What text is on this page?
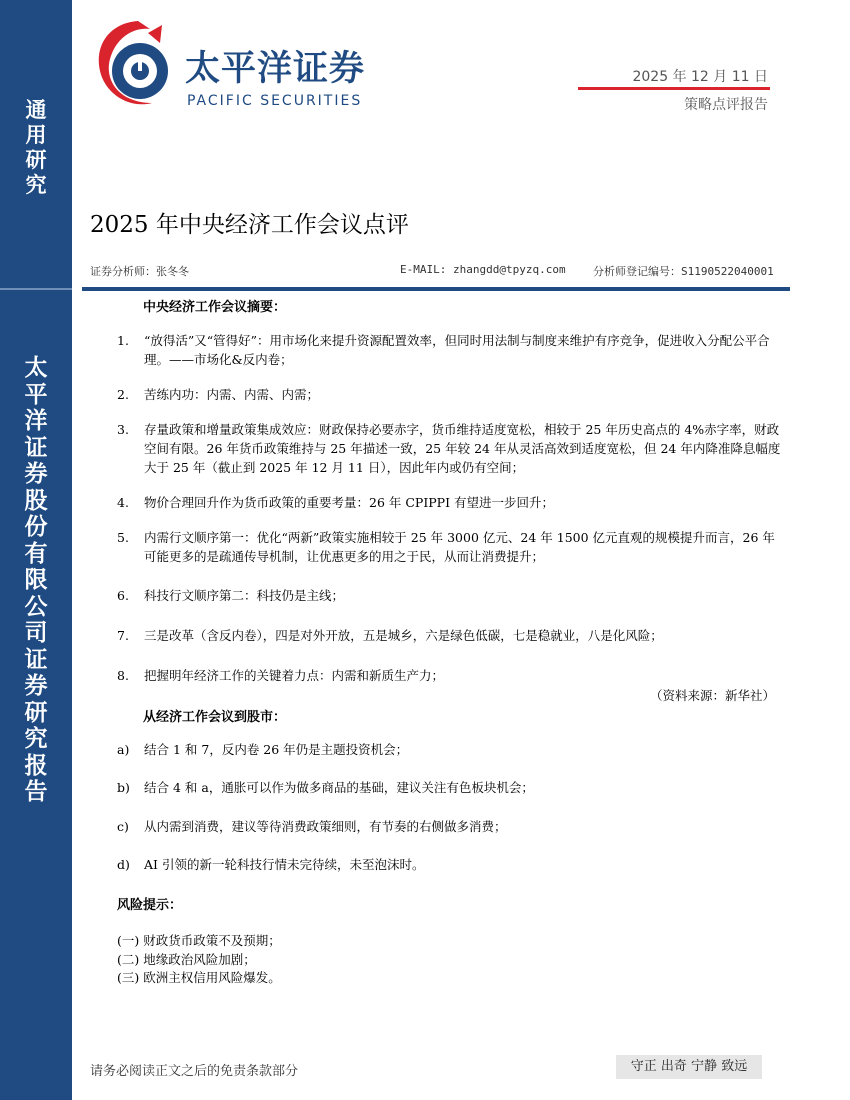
通
用
研
究
太
平
洋
证
券
股
份
有
限
公
司
证
券
研
究
报
告
太平洋证券
PACIFIC SECURITIES
2025 年 12 月 11 日
策略点评报告
2025 年中央经济工作会议点评
证券分析师：张冬冬	E-MAIL: zhangdd@tpyzq.com 分析师登记编号：S1190522040001
中央经济工作会议摘要：
1. “放得活”又“管得好”：用市场化来提升资源配置效率，但同时用法制与制度来维护有序竞争，促进收入分配公平合理。——市场化&反内卷；
2. 苦练内功：内需、内需、内需；
3. 存量政策和增量政策集成效应：财政保持必要赤字，货币维持适度宽松，相较于 25 年历史高点的 4%赤字率，财政空间有限。26 年货币政策维持与 25 年描述一致，25 年较 24 年从灵活高效到适度宽松，但 24 年内降准降息幅度大于 25 年（截止到 2025 年 12 月 11 日），因此年内或仍有空间；
4. 物价合理回升作为货币政策的重要考量：26 年 CPIPPI 有望进一步回升；
5. 内需行文顺序第一：优化“两新”政策实施相较于 25 年 3000 亿元、24 年 1500 亿元直观的规模提升而言，26 年可能更多的是疏通传导机制，让优惠更多的用之于民，从而让消费提升；
6. 科技行文顺序第二：科技仍是主线；
7. 三是改革（含反内卷），四是对外开放，五是城乡，六是绿色低碳，七是稳就业，八是化风险；
8. 把握明年经济工作的关键着力点：内需和新质生产力；
（资料来源：新华社）
从经济工作会议到股市：
a) 结合 1 和 7，反内卷 26 年仍是主题投资机会；
b) 结合 4 和 a，通胀可以作为做多商品的基础，建议关注有色板块机会；
c) 从内需到消费，建议等待消费政策细则，有节奏的右侧做多消费；
d) AI 引领的新一轮科技行情未完待续，未至泡沫时。
风险提示：
(一) 财政货币政策不及预期；
(二) 地缘政治风险加剧；
(三) 欧洲主权信用风险爆发。
请务必阅读正文之后的免责条款部分	守正 出奇 宁静 致远
